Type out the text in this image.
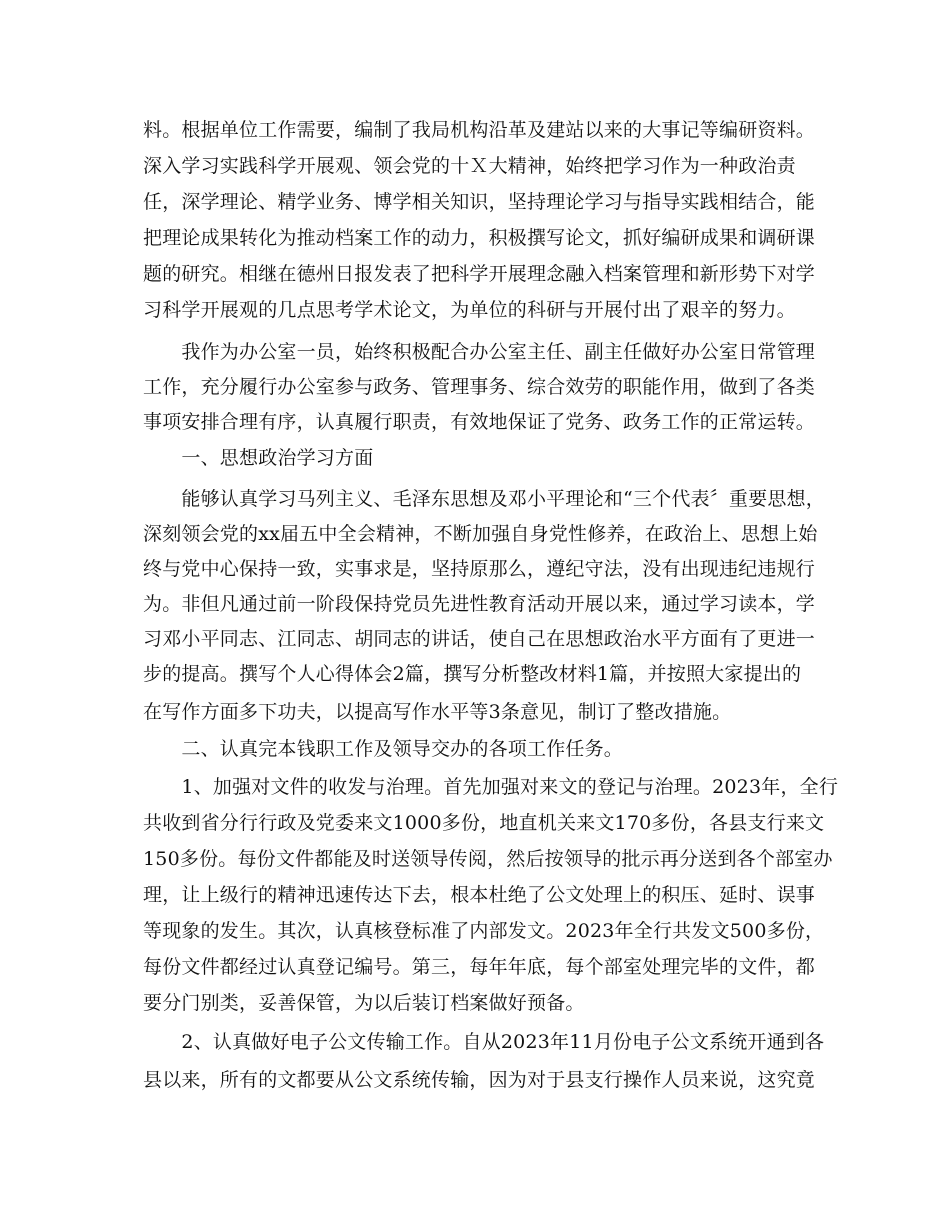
料。根据单位工作需要，编制了我局机构沿革及建站以来的大事记等编研资料。
深入学习实践科学开展观、领会党的十Ｘ大精神，始终把学习作为一种政治责
任，深学理论、精学业务、博学相关知识，坚持理论学习与指导实践相结合，能
把理论成果转化为推动档案工作的动力，积极撰写论文，抓好编研成果和调研课
题的研究。相继在德州日报发表了把科学开展理念融入档案管理和新形势下对学
习科学开展观的几点思考学术论文，为单位的科研与开展付出了艰辛的努力。
　　我作为办公室一员，始终积极配合办公室主任、副主任做好办公室日常管理
工作，充分履行办公室参与政务、管理事务、综合效劳的职能作用，做到了各类
事项安排合理有序，认真履行职责，有效地保证了党务、政务工作的正常运转。
　　一、思想政治学习方面
　　能够认真学习马列主义、毛泽东思想及邓小平理论和“三个代表〞重要思想，
深刻领会党的xx届五中全会精神，不断加强自身党性修养，在政治上、思想上始
终与党中心保持一致，实事求是，坚持原那么，遵纪守法，没有出现违纪违规行
为。非但凡通过前一阶段保持党员先进性教育活动开展以来，通过学习读本，学
习邓小平同志、江同志、胡同志的讲话，使自己在思想政治水平方面有了更进一
步的提高。撰写个人心得体会2篇，撰写分析整改材料1篇，并按照大家提出的
在写作方面多下功夫，以提高写作水平等3条意见，制订了整改措施。
　　二、认真完本钱职工作及领导交办的各项工作任务。
　　1、加强对文件的收发与治理。首先加强对来文的登记与治理。2023年，全行
共收到省分行行政及党委来文1000多份，地直机关来文170多份，各县支行来文
150多份。每份文件都能及时送领导传阅，然后按领导的批示再分送到各个部室办
理，让上级行的精神迅速传达下去，根本杜绝了公文处理上的积压、延时、误事
等现象的发生。其次，认真核登标准了内部发文。2023年全行共发文500多份，
每份文件都经过认真登记编号。第三，每年年底，每个部室处理完毕的文件，都
要分门别类，妥善保管，为以后装订档案做好预备。
　　2、认真做好电子公文传输工作。自从2023年11月份电子公文系统开通到各
县以来，所有的文都要从公文系统传输，因为对于县支行操作人员来说，这究竟
